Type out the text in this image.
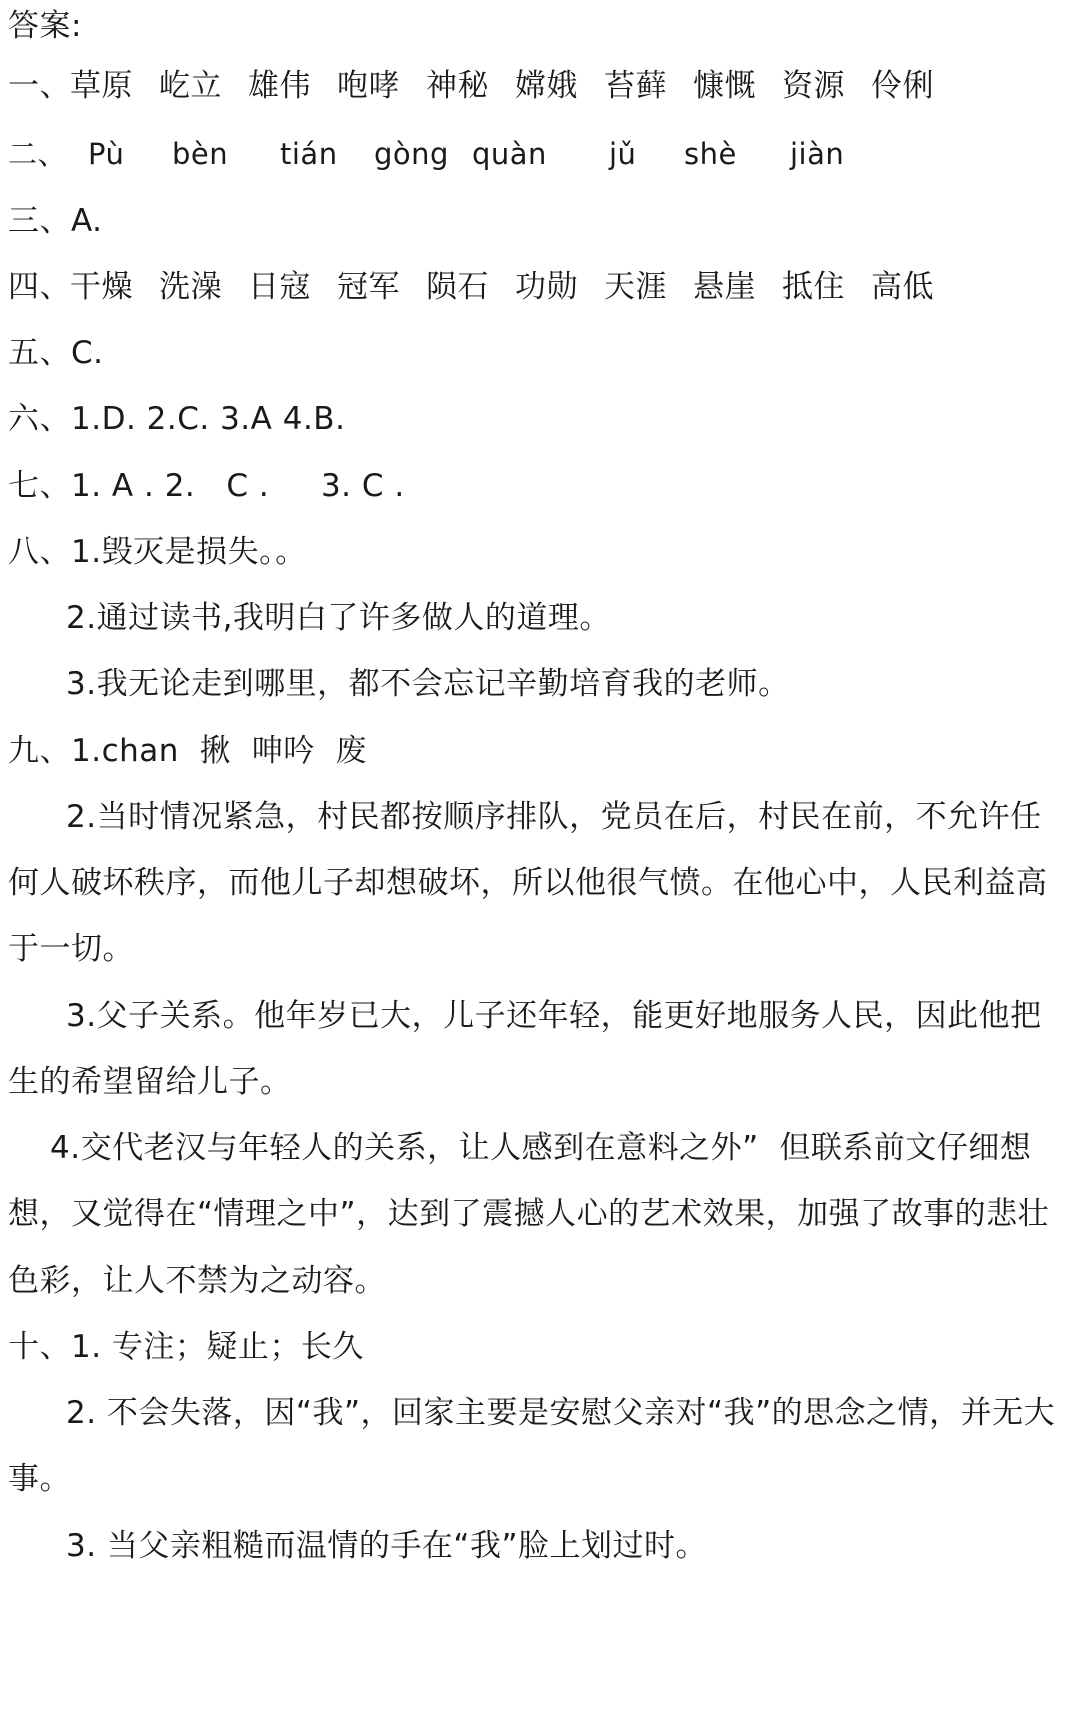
答案:
一、 草原 屹立 雄伟 咆哮 神秘 嫦娥 苔藓 慷慨 资源 伶俐
二、 Pù	bèn	tián	gòng quàn	jǔ	shè	jiàn
三、A.
四、 干燥 洗澡 日寇 冠军 陨石 功勋 天涯 悬崖 抵住 高低
五、C.
六、1.D. 2.C. 3.A 4.B.
七、1. A . 2.   C .     3. C .
八、1.毁灭是损失。。
2.通过读书,我明白了许多做人的道理。
3.我无论走到哪里，都不会忘记辛勤培育我的老师。
九、1.chan  揪  呻吟  废
2.当时情况紧急，村民都按顺序排队，党员在后，村民在前，不允许任
何人破坏秩序，而他儿子却想破坏，所以他很气愤。在他心中，人民利益高
于一切。
3.父子关系。他年岁已大，儿子还年轻，能更好地服务人民，因此他把
生的希望留给儿子。
4.交代老汉与年轻人的关系，让人感到在意料之外”  但联系前文仔细想
想，又觉得在“情理之中”，达到了震撼人心的艺术效果，加强了故事的悲壮
色彩，让人不禁为之动容。
十、1. 专注；疑止；长久
2. 不会失落，因“我”，回家主要是安慰父亲对“我”的思念之情，并无大
事。
3. 当父亲粗糙而温情的手在“我”脸上划过时。
